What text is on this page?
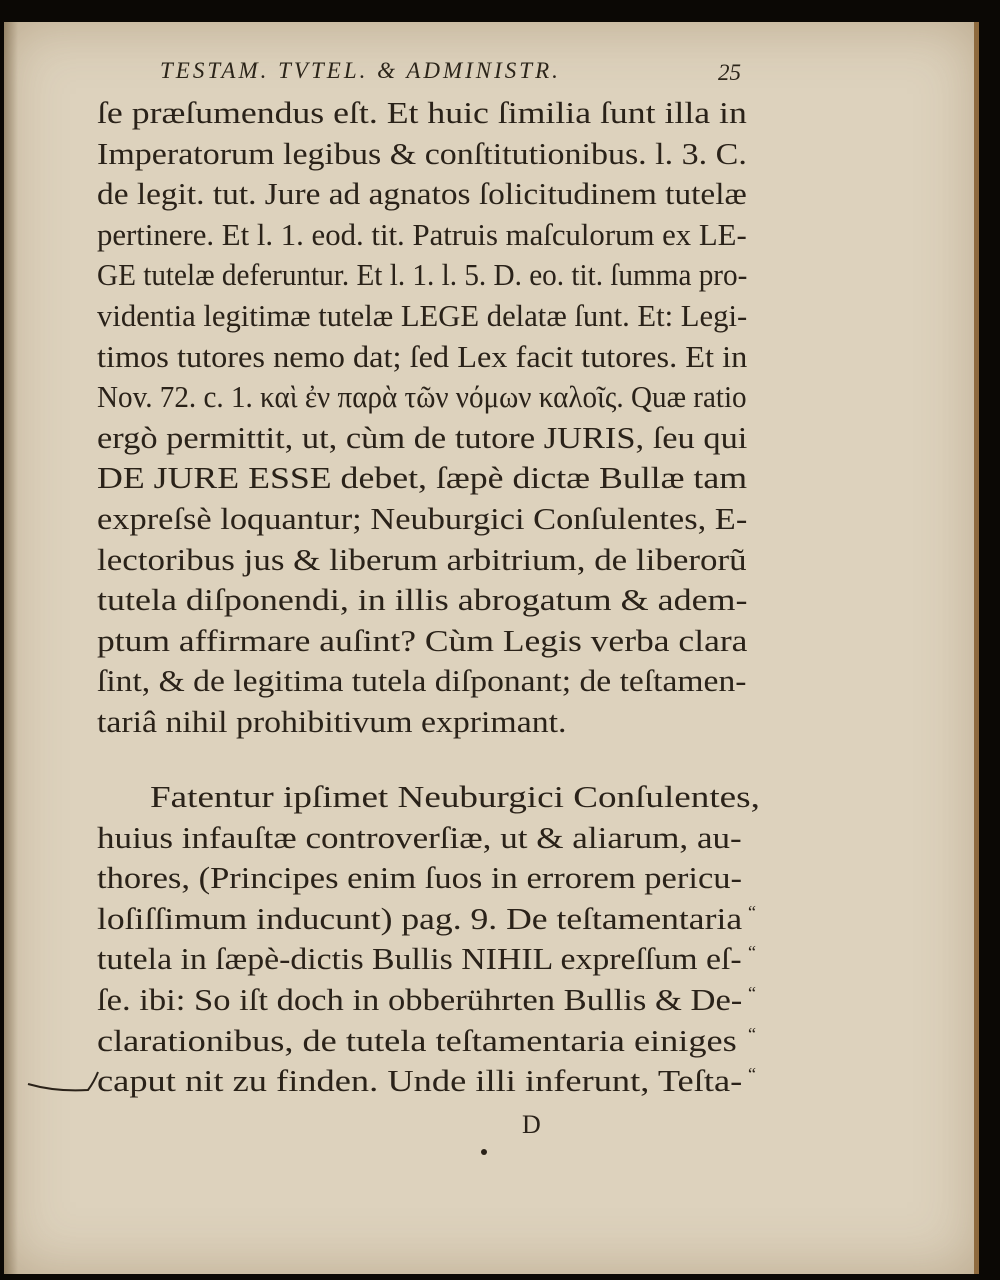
TESTAM. TVTEL. & ADMINISTR.	25
ſe præſumendus eſt. Et huic ſimilia ſunt illa in
Imperatorum legibus & conſtitutionibus. l. 3. C.
de legit. tut. Jure ad agnatos ſolicitudinem tutelæ
pertinere. Et l. 1. eod. tit. Patruis maſculorum ex LE-
GE tutelæ deferuntur. Et l. 1. l. 5. D. eo. tit. ſumma pro-
videntia legitimæ tutelæ LEGE delatæ ſunt. Et: Legi-
timos tutores nemo dat; ſed Lex facit tutores. Et in
Nov. 72. c. 1. καὶ ἐν παρὰ τῶν νόμων καλοῖς. Quæ ratio
ergò permittit, ut, cùm de tutore JURIS, ſeu qui
DE JURE ESSE debet, ſæpè dictæ Bullæ tam
expreſsè loquantur; Neuburgici Conſulentes, E-
lectoribus jus & liberum arbitrium, de liberorũ
tutela diſponendi, in illis abrogatum & adem-
ptum affirmare auſint? Cùm Legis verba clara
ſint, & de legitima tutela diſponant; de teſtamen-
tariâ nihil prohibitivum exprimant.
Fatentur ipſimet Neuburgici Conſulentes,
huius infauſtæ controverſiæ, ut & aliarum, au-
thores, (Principes enim ſuos in errorem pericu-
loſiſſimum inducunt) pag. 9. De teſtamentaria
tutela in ſæpè-dictis Bullis NIHIL expreſſum eſ-
ſe. ibi: So iſt doch in obberührten Bullis & De-
clarationibus, de tutela teſtamentaria einiges
caput nit zu finden. Unde illi inferunt, Teſta-
“
“
“
“
“
D
